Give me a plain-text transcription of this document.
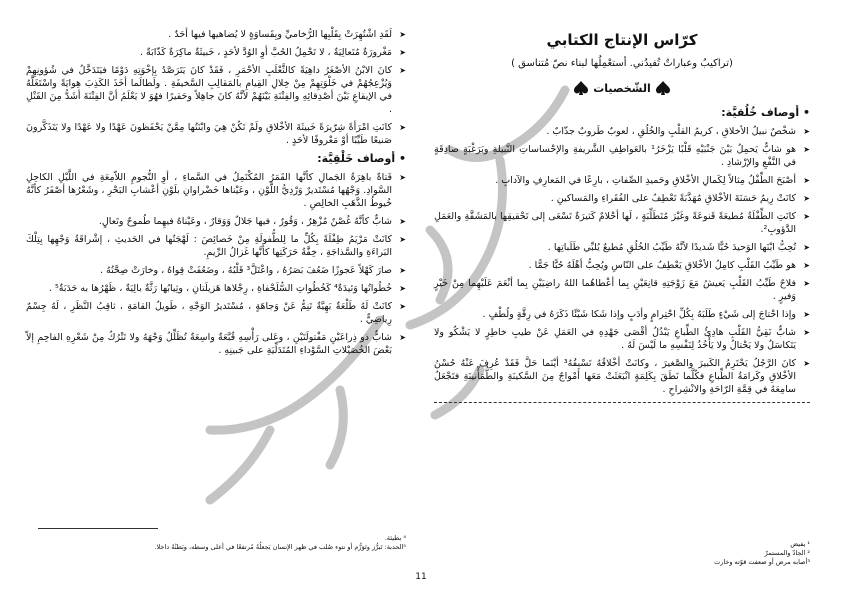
كرّاس الإنتاج الكتابي
(تراكيبُ وعباراتٌ تُفيدُني. أستعْمِلُها لبناء نصّ مُتناسق )
الشّخصيات
• أوصاف خُلُقيَّة:
➤ شخْصٌ نبيلُ الأخلاقِ ، كريمُ القلْبِ والخُلُقِ ، لعوبٌ طَروبٌ جذّابٌ .
➤ هو شابٌّ يَحمِلُ بَيْنَ جَنْبَيْهِ قَلْبًا يَزْخَرُ¹ بالعَواطِفِ الشَّريفةِ والإحْساساتِ النَّبيلةِ وبَرَغْبَةٍ صادِقَةٍ في النَّفْعِ والإرْشادِ .
➤ أصْبَحَ الطِّفْلُ مِثالاً لِكَمالِ الأخْلاقِ وحَميدِ الصِّفاتِ ، بارِعًا في المَعارِفِ والآدابِ .
➤ كانَتْ رِيمُ حَسَنَةَ الأخْلاقِ مُهَذَّبَةً تَعْطِفُ على الفُقَراءِ والمَساكينِ .
➤ كانَتِ الطِّفْلَةُ مُطيعَةً قَنوعَةً وغَيْرَ مُتَطَلِّبَةٍ ، لَها أحْلامٌ كَثيرَةٌ تَسْعَى إلى تَحْقيقِها بالمَشَقَّةِ والعَمَلِ الدَّؤوبِ².
➤ تُحِبُّ ابْنَها الوَحيدَ حُبًّا شَديدًا لأنَّهُ طَيِّبُ الخُلُقِ مُطيعٌ يُلبِّي طَلَباتِها .
➤ هو طَيِّبُ القَلْبِ كامِلُ الأخْلاقِ يَعْطِفُ على النّاسِ ويُحِبُّ أهْلَهُ حُبًّا جَمًّا .
➤ فلاحٌ طَيِّبُ القَلْبِ يَعيشُ مَعَ زَوْجَتِهِ قانِعَيْنِ بِما أعْطاهُما اللهُ راضِيَيْنِ بِما أنْعَمَ عَلَيْهِما مِنْ خَيْرٍ وَفيرٍ .
➤ وإذا احْتاجَ إلى شَيْءٍ طَلَبَهُ بِكُلِّ احْتِرامٍ وأدَبٍ وإذا شَكا شَيْئًا ذَكَرَهُ في رِقَّةٍ ولُطْفٍ .
➤ شابٌّ نَقِيُّ القَلْبِ هادِئُ الطِّباعِ يَبْذُلُ أقْصَى جَهْدِهِ في العَمَلِ عَنْ طيبِ خاطِرٍ لا يَشْكُو ولا يَتَكاسَلُ ولا يَحْتالُ ولا يَأْخُذُ لِنَفْسِهِ ما لَيْسَ لَهُ .
➤ كانَ الرَّجُلُ يَحْتَرِمُ الكَبيرَ والصَّغيرَ ، وكانَتْ أخْلاقُهُ تَسْبِقُهُ³ أيْنَما حَلَّ فَقَدْ عُرِفَ عَنْهُ حُسْنُ الأخْلاقِ وكَرامَةُ الطِّباعِ فكُلَّما نَطَقَ بِكَلِمَةٍ انْبَعَثَتْ مَعَها أمْواجٌ مِنَ السَّكينَةِ والطُّمَأْنينَةِ فتَجْعَلُ سامِعَهُ في قِمَّةِ الرّاحَةِ والانْشِراحِ .
➤ لَقَدِ اشْتُهِرَتْ بِقَلْبِها الرُّخاميِّ وبِقَساوَةٍ لا يُضاهيها فيها أحَدٌ .
➤ مَغْرورَةٌ مُتَعالِيَةٌ ، لا تَحْمِلُ الحُبَّ أوِ الوُدَّ لأحَدٍ ، خَبيثَةٌ ماكِرَةٌ كَذّابَةٌ .
➤ كانَ الابْنُ الأصْغَرُ داهِيَةً كالثَّعْلَبِ الأحْمَرِ ، فَقَدْ كانَ يَتَرَصَّدُ بِإخْوَتِهِ دَوْمًا فيَتَدَخَّلُ في شُؤونِهِمْ وَيُزْعِجُهُمْ في خَلْوَتِهِمْ مِنْ خِلالِ القِيامِ بالمَقالِبِ السَّخيفَةِ . ولَطالَما أخَذَ الكَذِبَ هِوايَةً واسْتَغَلَّهُ في الإيقاعِ بَيْنَ أصْدِقائِهِ والفِتْنَةِ بَيْنَهُمْ لأنَّهُ كانَ جاهِلاً وحَقيرًا فهُوَ لا يَعْلَمُ أنَّ الفِتْنَةَ أشَدُّ مِنَ القَتْلِ .
➤ كانَتِ امْرَأةً شِرّيرَةً خَبيثَةَ الأخْلاقِ ولَمْ تَكُنْ هِيَ وابْنَتُها مِمَّنْ يَحْفَظونَ عَهْدًا ولا عَهْدًا ولا يَتَذَكَّرونَ صَنيعًا طَيِّبًا أوْ مَعْروفًا لأحَدٍ .
• أوصاف خَلْقِيَّة:
➤ فَتاةٌ باهِرَةُ الجَمالِ كأنَّها القَمَرُ المُكْتَمِلُ في السَّماءِ ، أوِ النُّجومِ اللاّمِعَةِ في اللَّيْلِ الكاحِلِ السَّوادِ. وَجْهُها مُسْتَديرٌ وَرْدِيُّ اللَّوْنِ ، وعَيْناها خَضْراوانِ بلَوْنِ أعْشابِ البَحْرِ ، وشَعْرُها أصْفَرُ كأنَّهُ خُيوطُ الذَّهَبِ الخالِصِ .
➤ شابٌّ كأنَّهُ غُصْنٌ مُزْهِرٌ ، وَقُورٌ ، فيها جَلالٌ وَوَقارٌ ، وعَيْناهُ فيهِما طُموحٌ وتَعالٍ.
➤ كانَتْ مَرْيَمُ طِفْلَةً بِكُلِّ ما لِلطُّفولَةِ مِنْ خَصائِصَ : لَهْجَتُها في الحَديثِ ، إشْراقَةُ وَجْهِها بِتِلْكَ البَراءَةِ والسَّذاجَةِ ، خِفَّةُ حَرَكَتِها كأنَّها غَزالُ الرِّيمِ.
➤ صارَ كَهْلاً عَجوزًا ضَعُفَ بَصَرُهُ ، واعْتَلَّ³ قَلْبُهُ ، وضَعُفَتْ قِواهُ ، وخارَتْ صِحَّتُهُ .
➤ خُطُواتُها وَئيدَةٌ⁴ كَخُطُواتِ السُّلَحْفاةِ ، رِجْلاها هَزيلَتانِ ، وثِيابُها رَثَّةٌ بالِيَةٌ ، ظَهْرُها به حَدَبَةٌ⁵ .
➤ كانَتْ لَهُ طَلْعَةٌ بَهِيَّةٌ تَنِمُّ عَنْ وَجاهَةٍ ، مُسْتَديرُ الوَجْهِ ، طَويلُ القامَةِ ، ثاقِبُ النَّظَرِ ، لَهُ جِسْمٌ رِياضِيٌّ .
➤ شابٌّ ذو ذِراعَيْنِ مَفْتولَتَيْنِ ، وعَلى رَأْسِهِ قُبَّعَةٌ واسِعَةٌ تُظَلِّلُ وَجْهَهُ ولا تَتْرُكُ مِنْ شَعْرِهِ الفاحِمِ إلاّ بَعْضَ الخُصَيْلاتِ السَّوْداءِ المُتَدَلِّيَةِ على جَبينِهِ .
¹ يفيض
² الجادّ والمستمرّ
³أصابه مرض أو ضعفت قوّته وخارت
⁴ بطيئة.
⁵الحدبة: تَبرُّز وتَوَرُّم أو نتوء صُلب في ظهر الإنسان يَجعلُهُ مُرتفعًا في أعلى وسطه، وبَطنُهُ داخلا.
11
